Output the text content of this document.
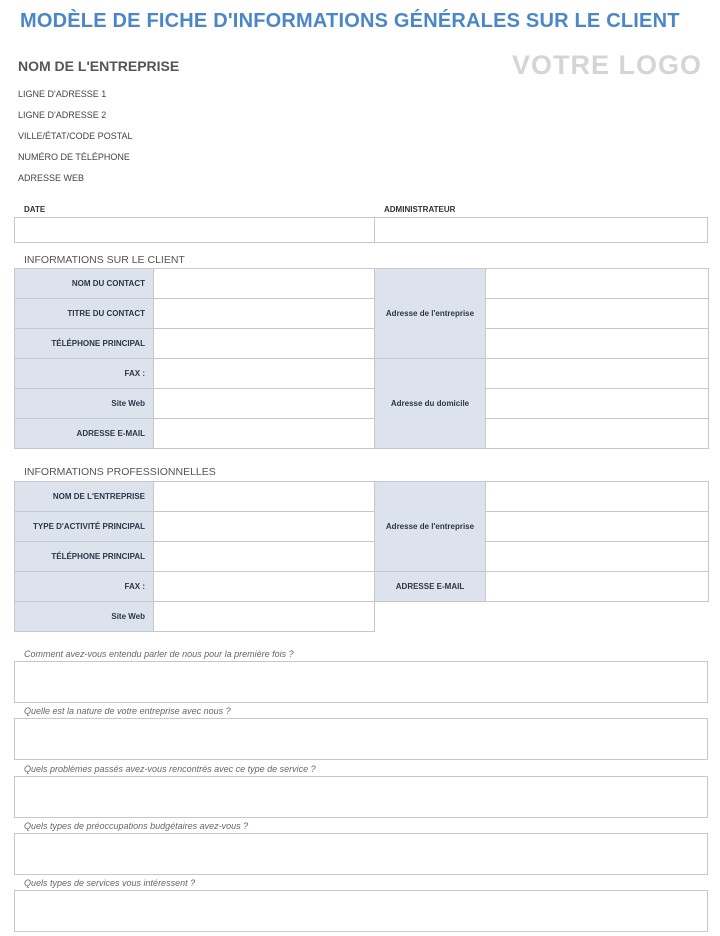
MODÈLE DE FICHE D'INFORMATIONS GÉNÉRALES SUR LE CLIENT
NOM DE L'ENTREPRISE	VOTRE LOGO
LIGNE D'ADRESSE 1
LIGNE D'ADRESSE 2
VILLE/ÉTAT/CODE POSTAL
NUMÉRO DE TÉLÉPHONE
ADRESSE WEB
DATE	ADMINISTRATEUR
INFORMATIONS SUR LE CLIENT
NOM DU CONTACT		Adresse de l'entreprise	
TITRE DU CONTACT			
TÉLÉPHONE PRINCIPAL			
FAX :		Adresse du domicile	
Site Web			
ADRESSE E-MAIL			
INFORMATIONS PROFESSIONNELLES
NOM DE L'ENTREPRISE		Adresse de l'entreprise	
TYPE D'ACTIVITÉ PRINCIPAL			
TÉLÉPHONE PRINCIPAL			
FAX :		ADRESSE E-MAIL	
Site Web			
Comment avez-vous entendu parler de nous pour la première fois ?
Quelle est la nature de votre entreprise avec nous ?
Quels problèmes passés avez-vous rencontrés avec ce type de service ?
Quels types de préoccupations budgétaires avez-vous ?
Quels types de services vous intéressent ?
